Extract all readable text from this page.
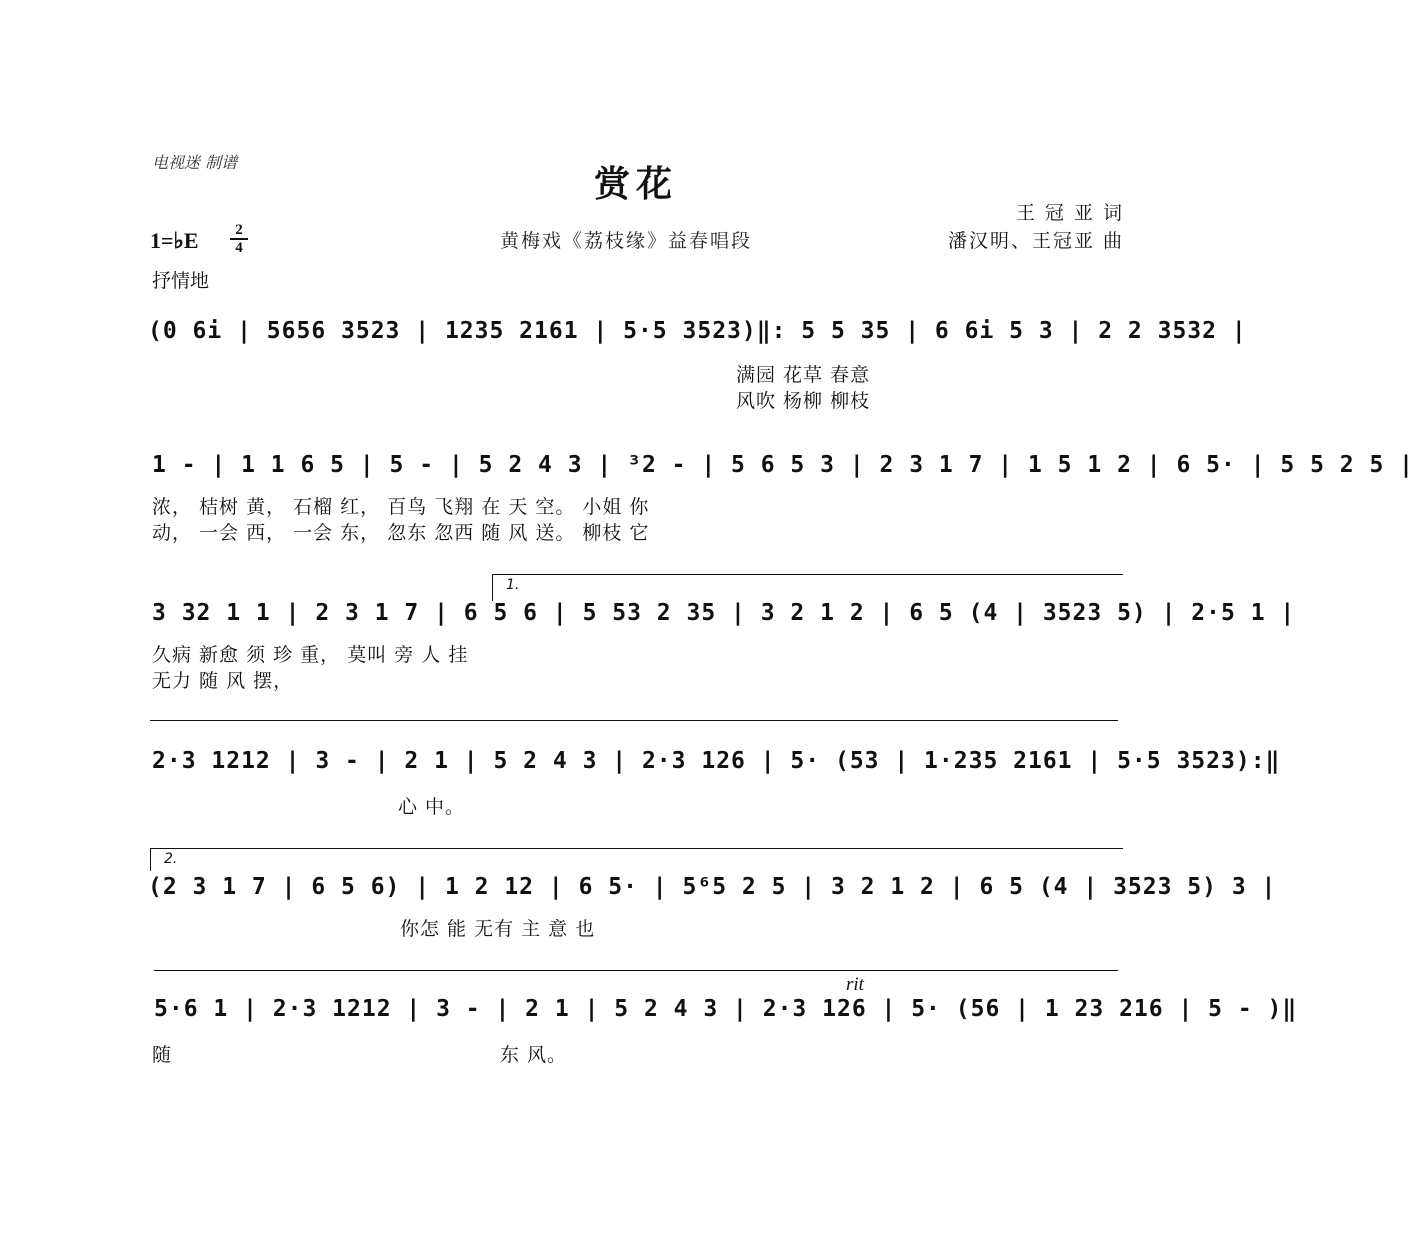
电视迷 制谱
赏花
王 冠 亚 词
黄梅戏《荔枝缘》益春唱段	潘汉明、王冠亚 曲
1=♭E	2
4
抒情地
(0 6i | 5656 3523 | 1235 2161 | 5·5 3523)‖: 5 5 35 | 6 6i 5 3 | 2 2 3532 |
满园 花草 春意
风吹 杨柳 柳枝
1 - | 1 1 6 5 | 5 - | 5 2 4 3 | ³2 - | 5 6 5 3 | 2 3 1 7 | 1 5 1 2 | 6 5· | 5 5 2 5 |
浓， 桔树 黄， 石榴 红， 百鸟 飞翔 在 天 空。 小姐 你
动， 一会 西， 一会 东， 忽东 忽西 随 风 送。 柳枝 它
1.
3 32 1 1 | 2 3 1 7 | 6 5 6 | 5 53 2 35 | 3 2 1 2 | 6 5 (4 | 3523 5) | 2·5 1 |
久病 新愈 须 珍 重， 莫叫 旁 人 挂
无力 随 风 摆，
2·3 1212 | 3 - | 2 1 | 5 2 4 3 | 2·3 126 | 5· (53 | 1·235 2161 | 5·5 3523):‖
心 中。
2.
(2 3 1 7 | 6 5 6) | 1 2 12 | 6 5· | 5⁶5 2 5 | 3 2 1 2 | 6 5 (4 | 3523 5) 3 |
你怎 能 无有 主 意 也
rit
5·6 1 | 2·3 1212 | 3 - | 2 1 | 5 2 4 3 | 2·3 126 | 5· (56 | 1 23 216 | 5 - )‖
随	东 风。
